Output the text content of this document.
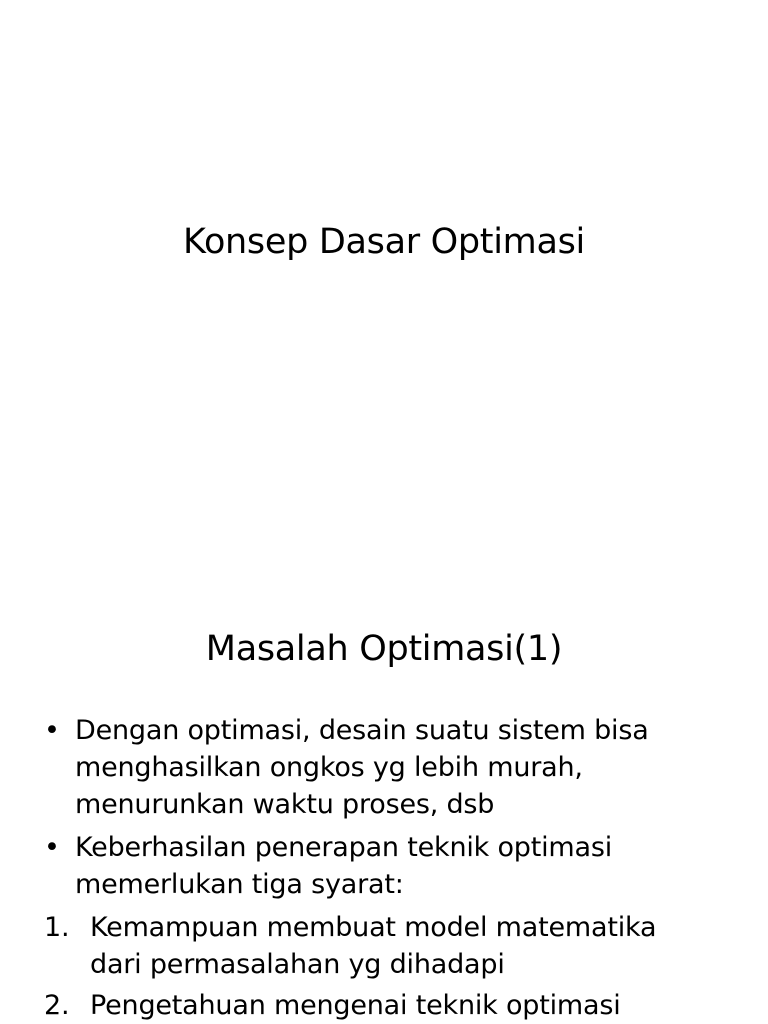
Konsep Dasar Optimasi
Masalah Optimasi(1)
• Dengan optimasi, desain suatu sistem bisa
menghasilkan ongkos yg lebih murah,
menurunkan waktu proses, dsb
• Keberhasilan penerapan teknik optimasi
memerlukan tiga syarat:
1. Kemampuan membuat model matematika
dari permasalahan yg dihadapi
2. Pengetahuan mengenai teknik optimasi
